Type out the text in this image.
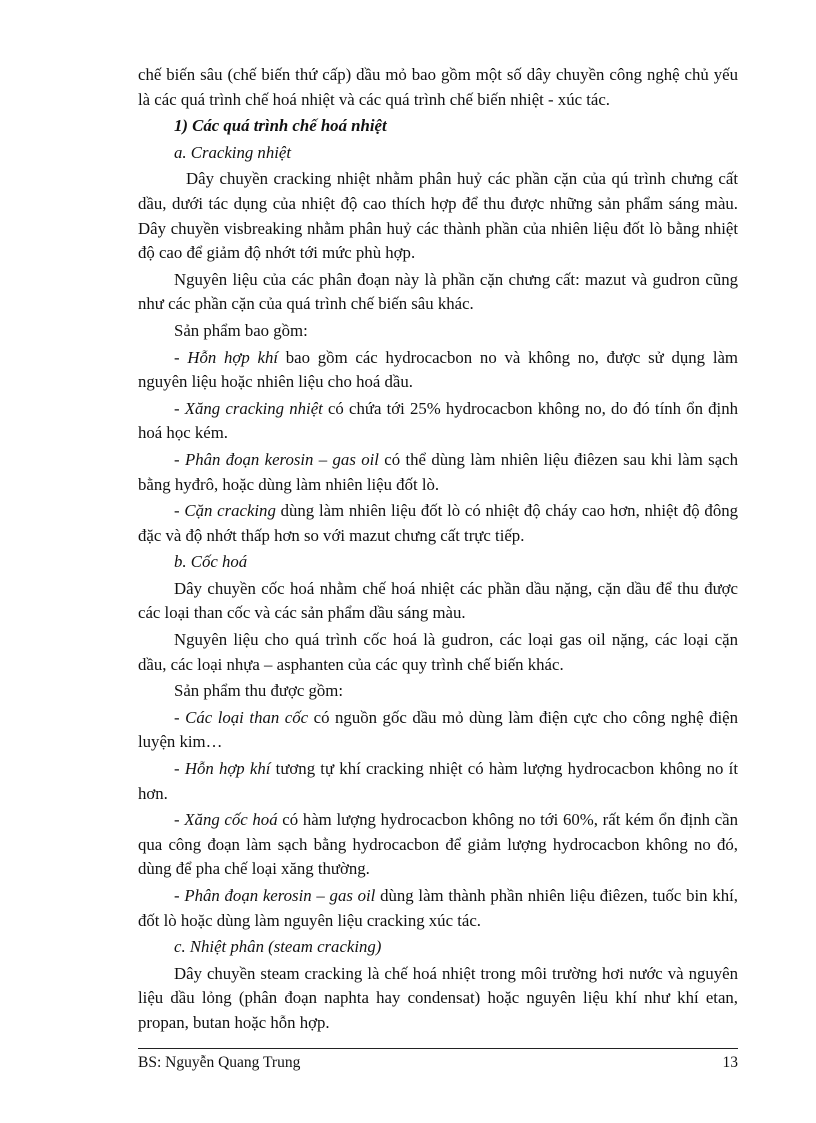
chế biến sâu (chế biến thứ cấp) dầu mỏ bao gồm một số dây chuyền công nghệ chủ yếu là các quá trình chế hoá nhiệt và các quá trình chế biến nhiệt - xúc tác.

1) Các quá trình chế hoá nhiệt

a. Cracking nhiệt

Dây chuyền cracking nhiệt nhằm phân huỷ các phần cặn của qú trình chưng cất dầu, dưới tác dụng của nhiệt độ cao thích hợp để thu được những sản phẩm sáng màu. Dây chuyền visbreaking nhằm phân huỷ các thành phần của nhiên liệu đốt lò bằng nhiệt độ cao để giảm độ nhớt tới mức phù hợp.

Nguyên liệu của các phân đoạn này là phần cặn chưng cất: mazut và gudron cũng như các phần cặn của quá trình chế biến sâu khác.

Sản phẩm bao gồm:

- Hỗn hợp khí bao gồm các hydrocacbon no và không no, được sử dụng làm nguyên liệu hoặc nhiên liệu cho hoá dầu.

- Xăng cracking nhiệt có chứa tới 25% hydrocacbon không no, do đó tính ổn định hoá học kém.

- Phân đoạn kerosin – gas oil có thể dùng làm nhiên liệu điêzen sau khi làm sạch bằng hyđrô, hoặc dùng làm nhiên liệu đốt lò.

- Cặn cracking dùng làm nhiên liệu đốt lò có nhiệt độ cháy cao hơn, nhiệt độ đông đặc và độ nhớt thấp hơn so với mazut chưng cất trực tiếp.

b. Cốc hoá

Dây chuyền cốc hoá nhằm chế hoá nhiệt các phần dầu nặng, cặn dầu để thu được các loại than cốc và các sản phẩm dầu sáng màu.

Nguyên liệu cho quá trình cốc hoá là gudron, các loại gas oil nặng, các loại cặn dầu, các loại nhựa – asphanten của các quy trình chế biến khác.

Sản phẩm thu được gồm:

- Các loại than cốc có nguồn gốc dầu mỏ dùng làm điện cực cho công nghệ điện luyện kim…

- Hỗn hợp khí tương tự khí cracking nhiệt có hàm lượng hydrocacbon không no ít hơn.

- Xăng cốc hoá có hàm lượng hydrocacbon không no tới 60%, rất kém ổn định cần qua công đoạn làm sạch bằng hydrocacbon để giảm lượng hydrocacbon không no đó, dùng để pha chế loại xăng thường.

- Phân đoạn kerosin – gas oil dùng làm thành phần nhiên liệu điêzen, tuốc bin khí, đốt lò hoặc dùng làm nguyên liệu cracking xúc tác.

c. Nhiệt phân (steam cracking)

Dây chuyền steam cracking là chế hoá nhiệt trong môi trường hơi nước và nguyên liệu dầu lỏng (phân đoạn naphta hay condensat) hoặc nguyên liệu khí như khí etan, propan, butan hoặc hỗn hợp.

BS: Nguyễn Quang Trung	13
